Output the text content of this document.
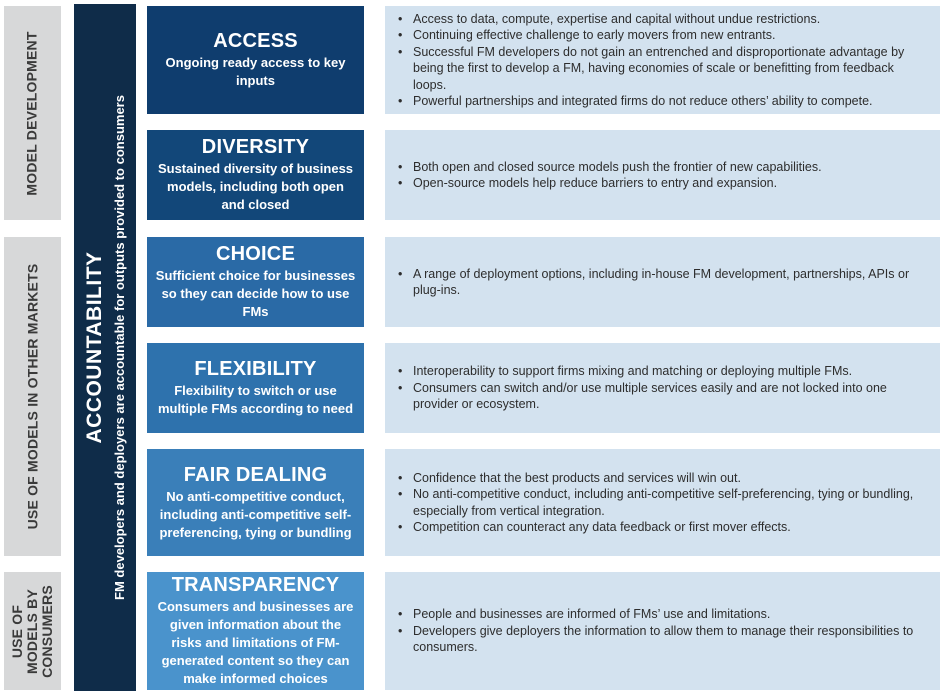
MODEL DEVELOPMENT
USE OF MODELS IN OTHER MARKETS
USE OF MODELS BY CONSUMERS
ACCOUNTABILITY FM developers and deployers are accountable for outputs provided to consumers
ACCESS
Ongoing ready access to key inputs
DIVERSITY
Sustained diversity of business models, including both open and closed
CHOICE
Sufficient choice for businesses so they can decide how to use FMs
FLEXIBILITY
Flexibility to switch or use multiple FMs according to need
FAIR DEALING
No anti-competitive conduct, including anti-competitive self-preferencing, tying or bundling
TRANSPARENCY
Consumers and businesses are given information about the risks and limitations of FM-generated content so they can make informed choices
• Access to data, compute, expertise and capital without undue restrictions.
• Continuing effective challenge to early movers from new entrants.
• Successful FM developers do not gain an entrenched and disproportionate advantage by being the first to develop a FM, having economies of scale or benefitting from feedback loops.
• Powerful partnerships and integrated firms do not reduce others’ ability to compete.
• Both open and closed source models push the frontier of new capabilities.
• Open-source models help reduce barriers to entry and expansion.
• A range of deployment options, including in-house FM development, partnerships, APIs or plug-ins.
• Interoperability to support firms mixing and matching or deploying multiple FMs.
• Consumers can switch and/or use multiple services easily and are not locked into one provider or ecosystem.
• Confidence that the best products and services will win out.
• No anti-competitive conduct, including anti-competitive self-preferencing, tying or bundling, especially from vertical integration.
• Competition can counteract any data feedback or first mover effects.
• People and businesses are informed of FMs’ use and limitations.
• Developers give deployers the information to allow them to manage their responsibilities to consumers.
